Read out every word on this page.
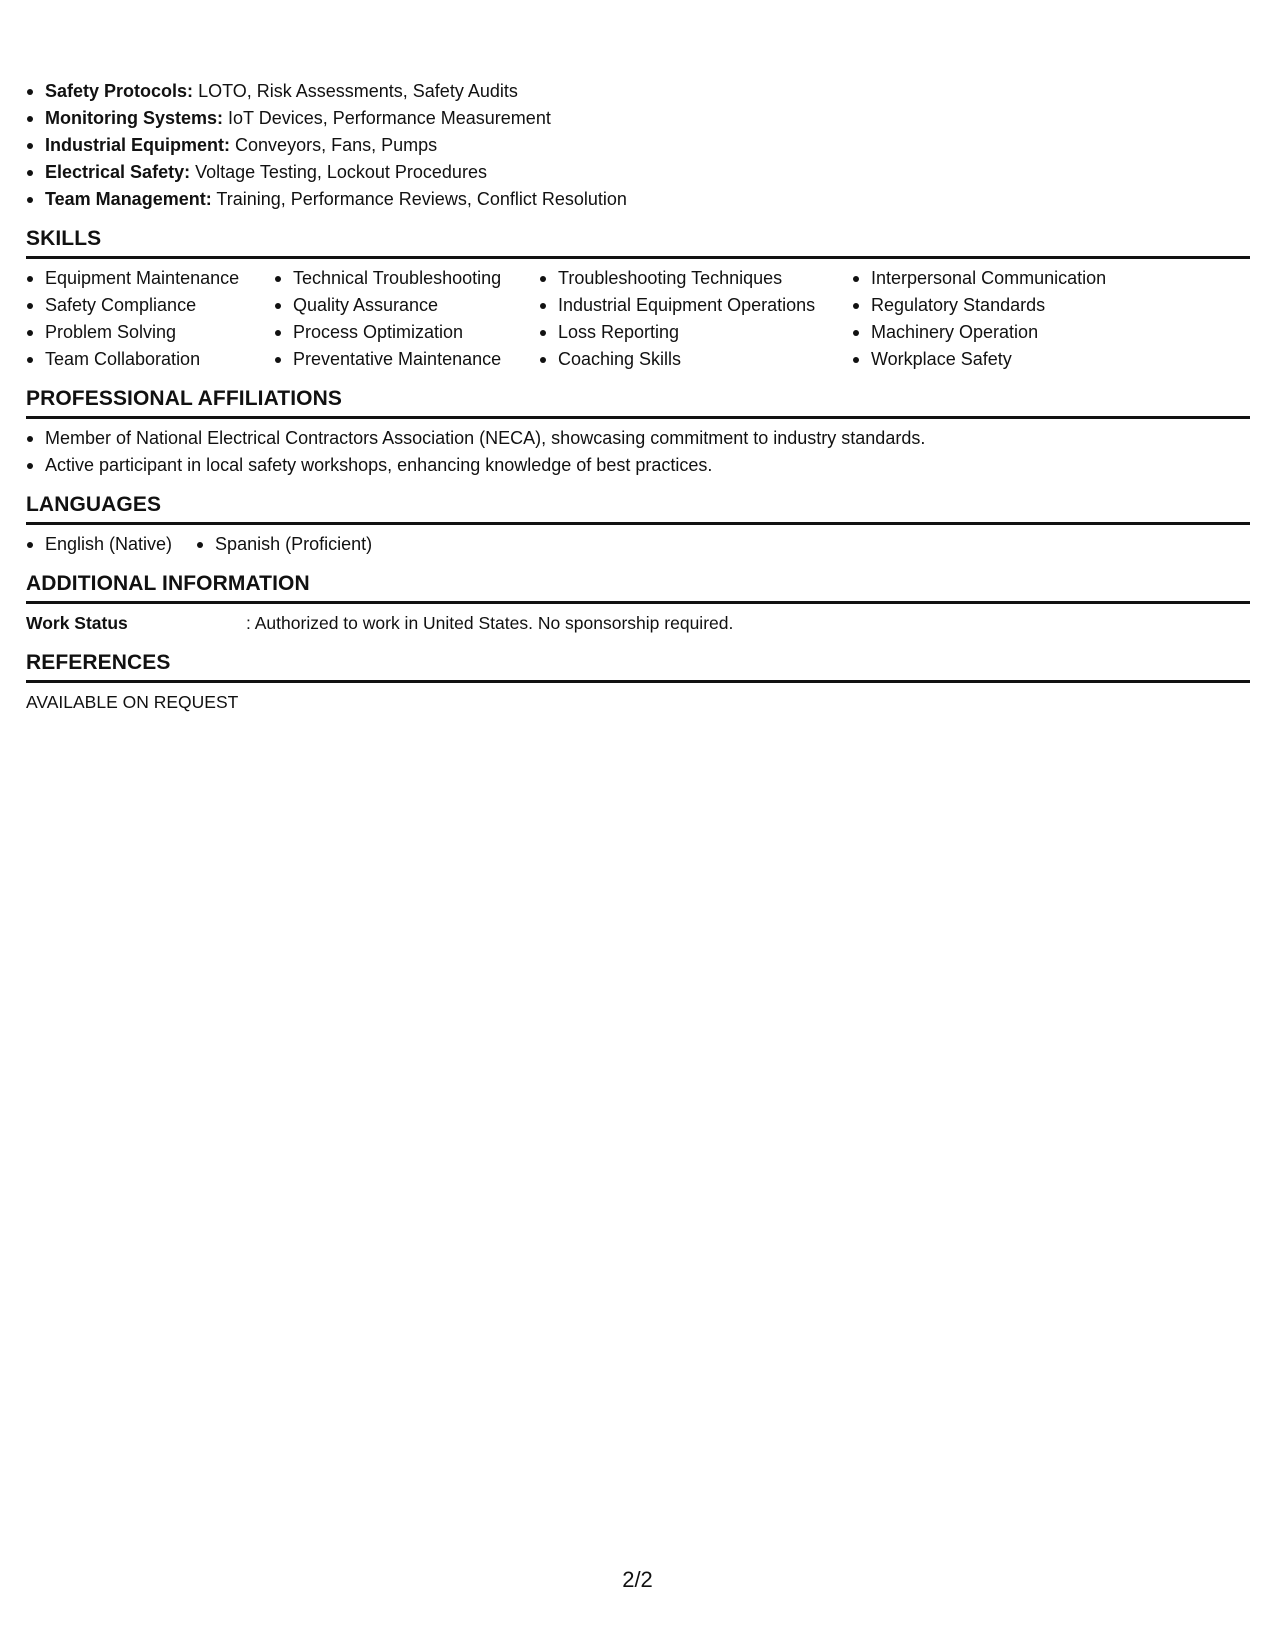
Safety Protocols: LOTO, Risk Assessments, Safety Audits
Monitoring Systems: IoT Devices, Performance Measurement
Industrial Equipment: Conveyors, Fans, Pumps
Electrical Safety: Voltage Testing, Lockout Procedures
Team Management: Training, Performance Reviews, Conflict Resolution
SKILLS
Equipment Maintenance
Safety Compliance
Problem Solving
Team Collaboration
Technical Troubleshooting
Quality Assurance
Process Optimization
Preventative Maintenance
Troubleshooting Techniques
Industrial Equipment Operations
Loss Reporting
Coaching Skills
Interpersonal Communication
Regulatory Standards
Machinery Operation
Workplace Safety
PROFESSIONAL AFFILIATIONS
Member of National Electrical Contractors Association (NECA), showcasing commitment to industry standards.
Active participant in local safety workshops, enhancing knowledge of best practices.
LANGUAGES
English (Native)	Spanish (Proficient)
ADDITIONAL INFORMATION
Work Status	: Authorized to work in United States. No sponsorship required.
REFERENCES
AVAILABLE ON REQUEST
2/2
